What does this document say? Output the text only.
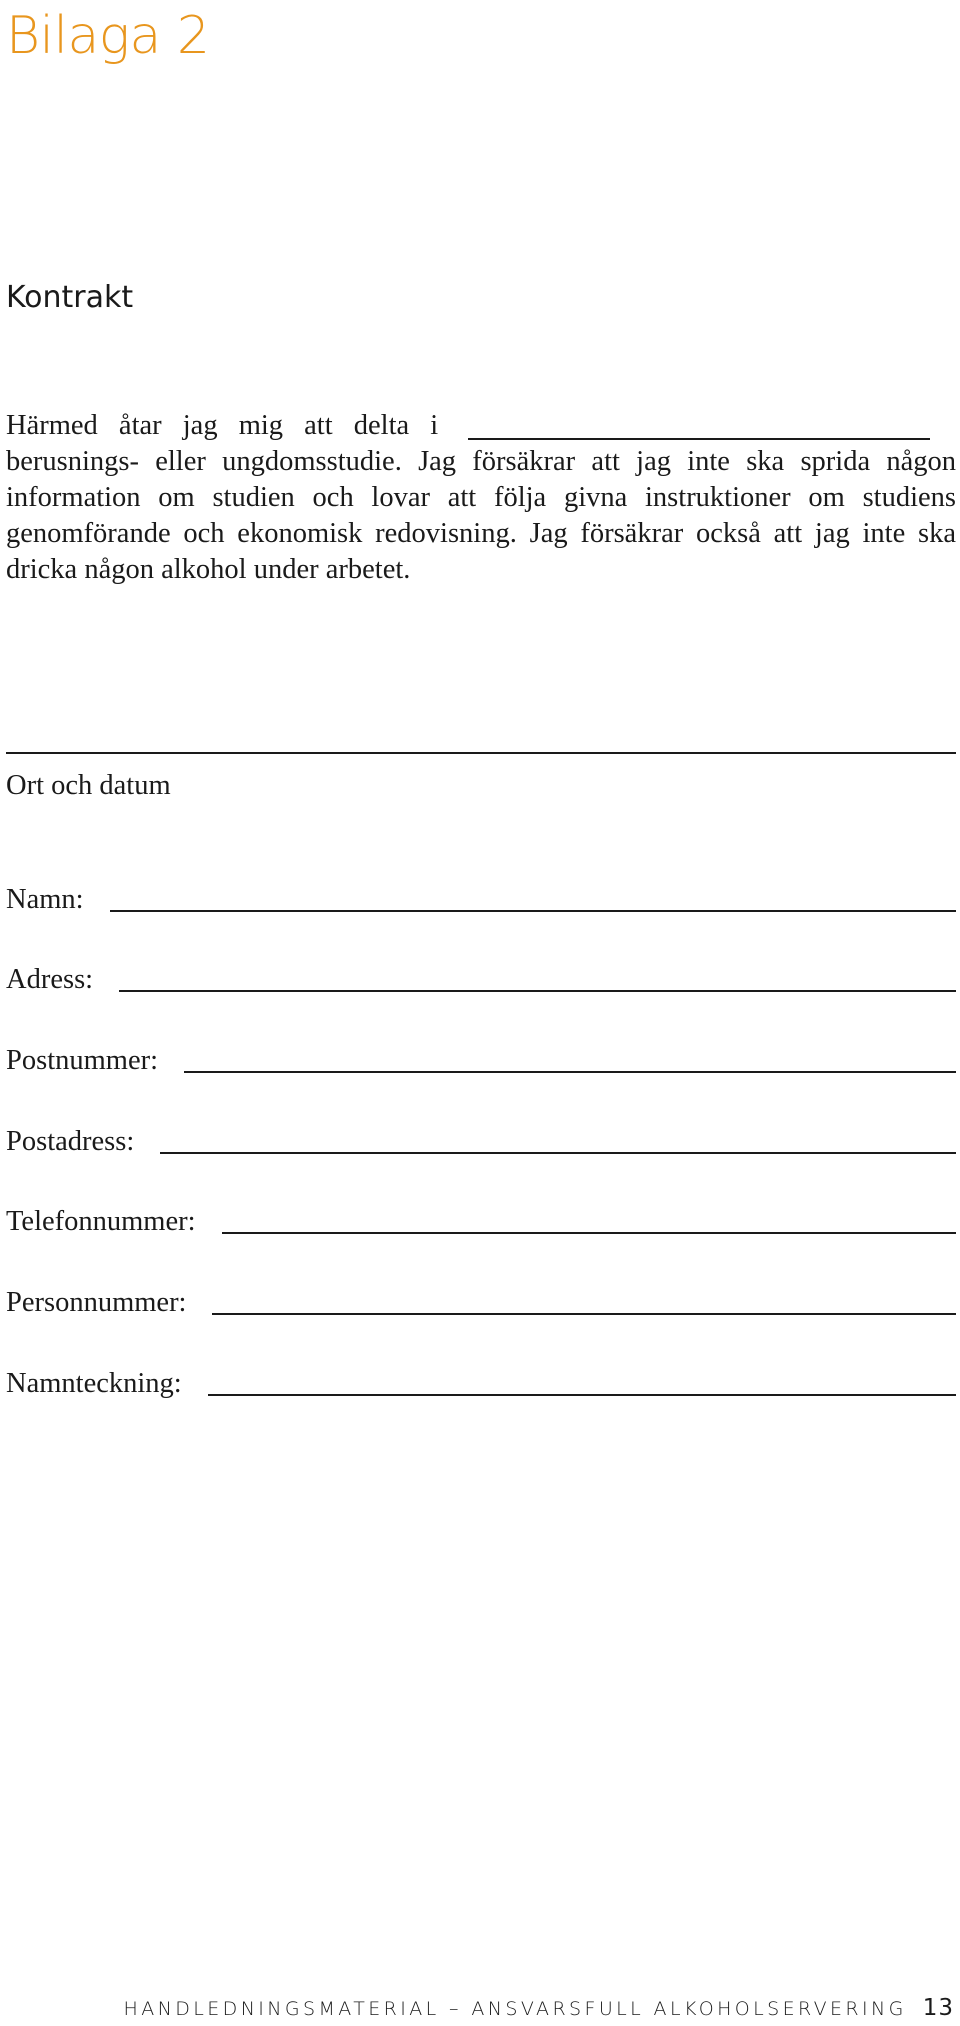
Bilaga 2
Kontrakt
Härmed åtar jag mig att delta i

berusnings- eller ungdomsstudie. Jag försäkrar att jag inte ska sprida någon information om studien och lovar att följa givna instruktioner om studiens genomförande och ekonomisk redovisning. Jag försäkrar också att jag inte ska dricka någon alkohol under arbetet.

Ort och datum
Namn:
Adress:
Postnummer:
Postadress:
Telefonnummer:
Personnummer:
Namnteckning:
HANDLEDNINGSMATERIAL – ANSVARSFULL ALKOHOLSERVERING 13
